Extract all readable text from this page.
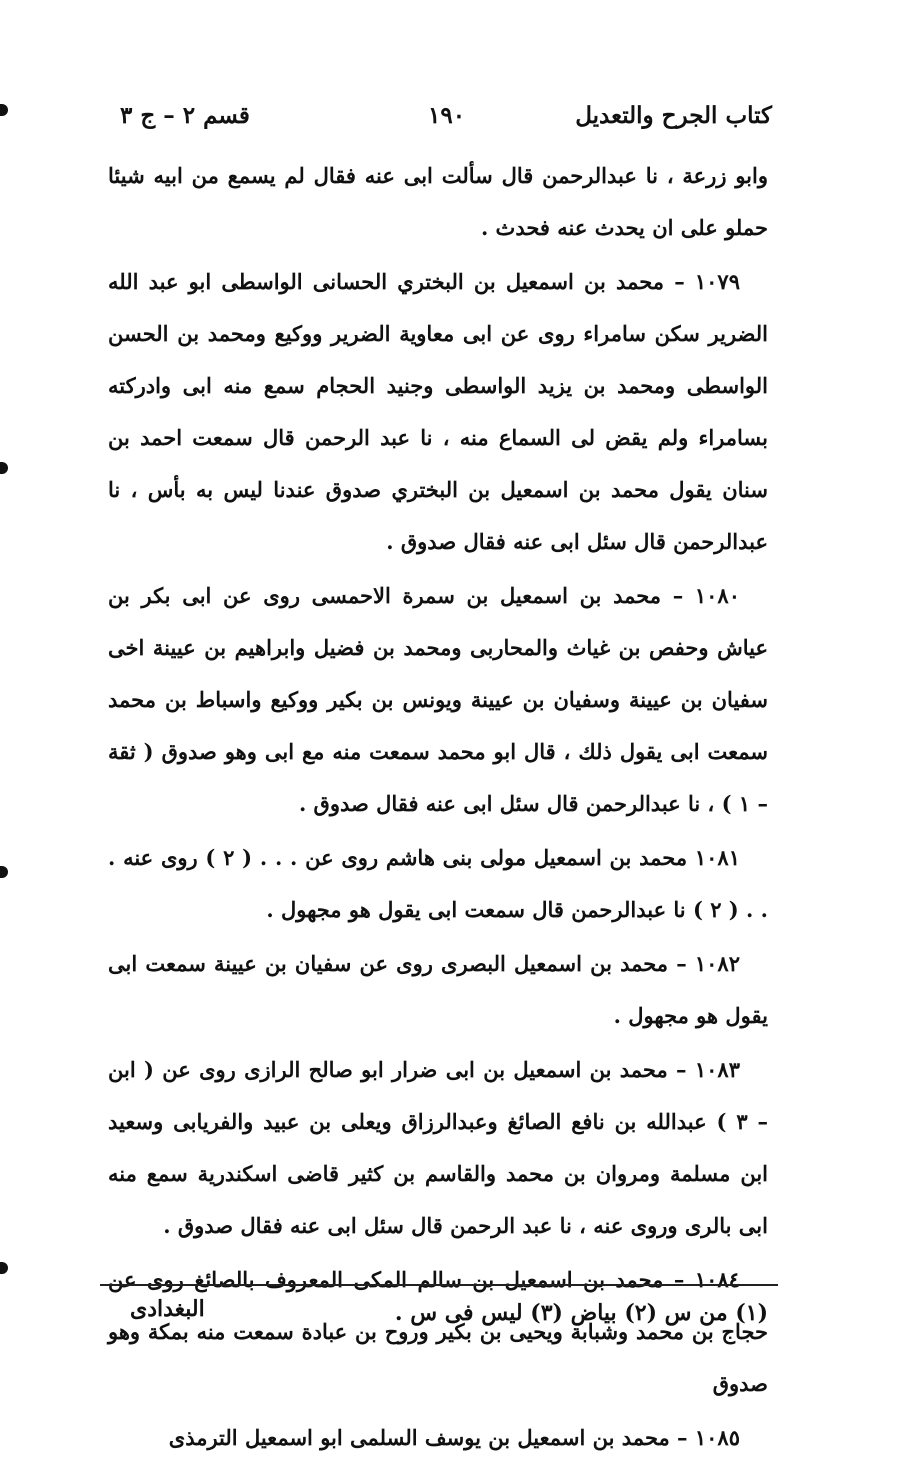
كتاب الجرح والتعديل
١٩٠
قسم ٢ – ج ٣

وابو زرعة ، نا عبدالرحمن قال سألت ابى عنه فقال لم يسمع من ابيه شيئا حملو على ان يحدث عنه فحدث .

١٠٧٩ – محمد بن اسمعيل بن البختري الحسانى الواسطى ابو عبد الله الضرير سكن سامراء روى عن ابى معاوية الضرير ووكيع ومحمد بن الحسن الواسطى ومحمد بن يزيد الواسطى وجنيد الحجام سمع منه ابى وادركته بسامراء ولم يقض لى السماع منه ، نا عبد الرحمن قال سمعت احمد بن سنان يقول محمد بن اسمعيل بن البختري صدوق عندنا ليس به بأس ، نا عبدالرحمن قال سئل ابى عنه فقال صدوق .

١٠٨٠ – محمد بن اسمعيل بن سمرة الاحمسى روى عن ابى بكر بن عياش وحفص بن غياث والمحاربى ومحمد بن فضيل وابراهيم بن عيينة اخى سفيان بن عيينة وسفيان بن عيينة ويونس بن بكير ووكيع واسباط بن محمد سمعت ابى يقول ذلك ، قال ابو محمد سمعت منه مع ابى وهو صدوق ( ثقة – ١ ) ، نا عبدالرحمن قال سئل ابى عنه فقال صدوق .

١٠٨١ محمد بن اسمعيل مولى بنى هاشم روى عن . . . ( ٢ ) روى عنه . . . ( ٢ ) نا عبدالرحمن قال سمعت ابى يقول هو مجهول .

١٠٨٢ – محمد بن اسمعيل البصرى روى عن سفيان بن عيينة سمعت ابى يقول هو مجهول .

١٠٨٣ – محمد بن اسمعيل بن ابى ضرار ابو صالح الرازى روى عن ( ابن – ٣ ) عبدالله بن نافع الصائغ وعبدالرزاق ويعلى بن عبيد والفريابى وسعيد ابن مسلمة ومروان بن محمد والقاسم بن كثير قاضى اسكندرية سمع منه ابى بالرى وروى عنه ، نا عبد الرحمن قال سئل ابى عنه فقال صدوق .

١٠٨٤ – محمد بن اسمعيل بن سالم المكى المعروف بالصائغ روى عن حجاج بن محمد وشبابة ويحيى بن بكير وروح بن عبادة سمعت منه بمكة وهو صدوق

١٠٨٥ – محمد بن اسمعيل بن يوسف السلمى ابو اسمعيل الترمذى

(١) من س (٢) بياض (٣) ليس فى س .
البغدادى
